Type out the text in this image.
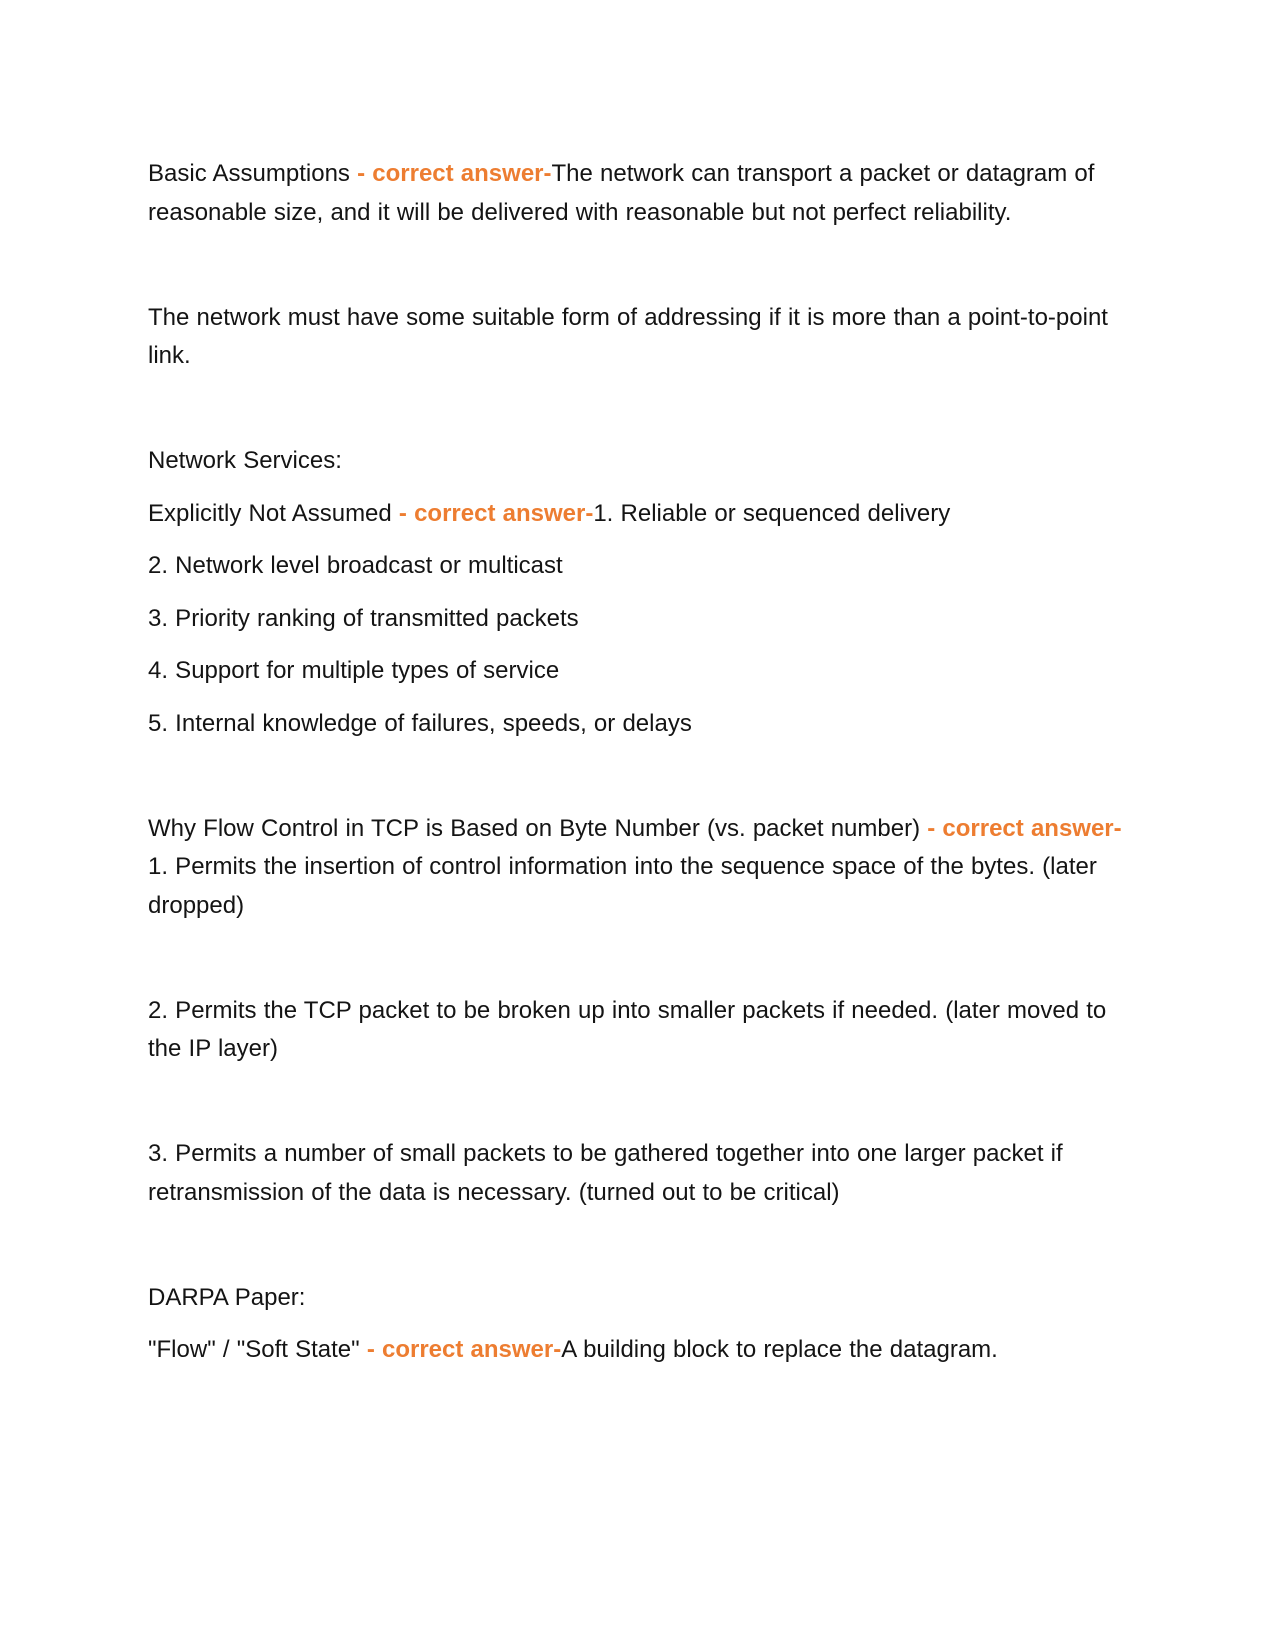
Basic Assumptions - correct answer-The network can transport a packet or datagram of reasonable size, and it will be delivered with reasonable but not perfect reliability.

The network must have some suitable form of addressing if it is more than a point-to-point link.

Network Services:

Explicitly Not Assumed - correct answer-1. Reliable or sequenced delivery

2. Network level broadcast or multicast

3. Priority ranking of transmitted packets

4. Support for multiple types of service

5. Internal knowledge of failures, speeds, or delays

Why Flow Control in TCP is Based on Byte Number (vs. packet number) - correct answer-1. Permits the insertion of control information into the sequence space of the bytes. (later dropped)

2. Permits the TCP packet to be broken up into smaller packets if needed. (later moved to the IP layer)

3. Permits a number of small packets to be gathered together into one larger packet if retransmission of the data is necessary. (turned out to be critical)

DARPA Paper:

"Flow" / "Soft State" - correct answer-A building block to replace the datagram.
